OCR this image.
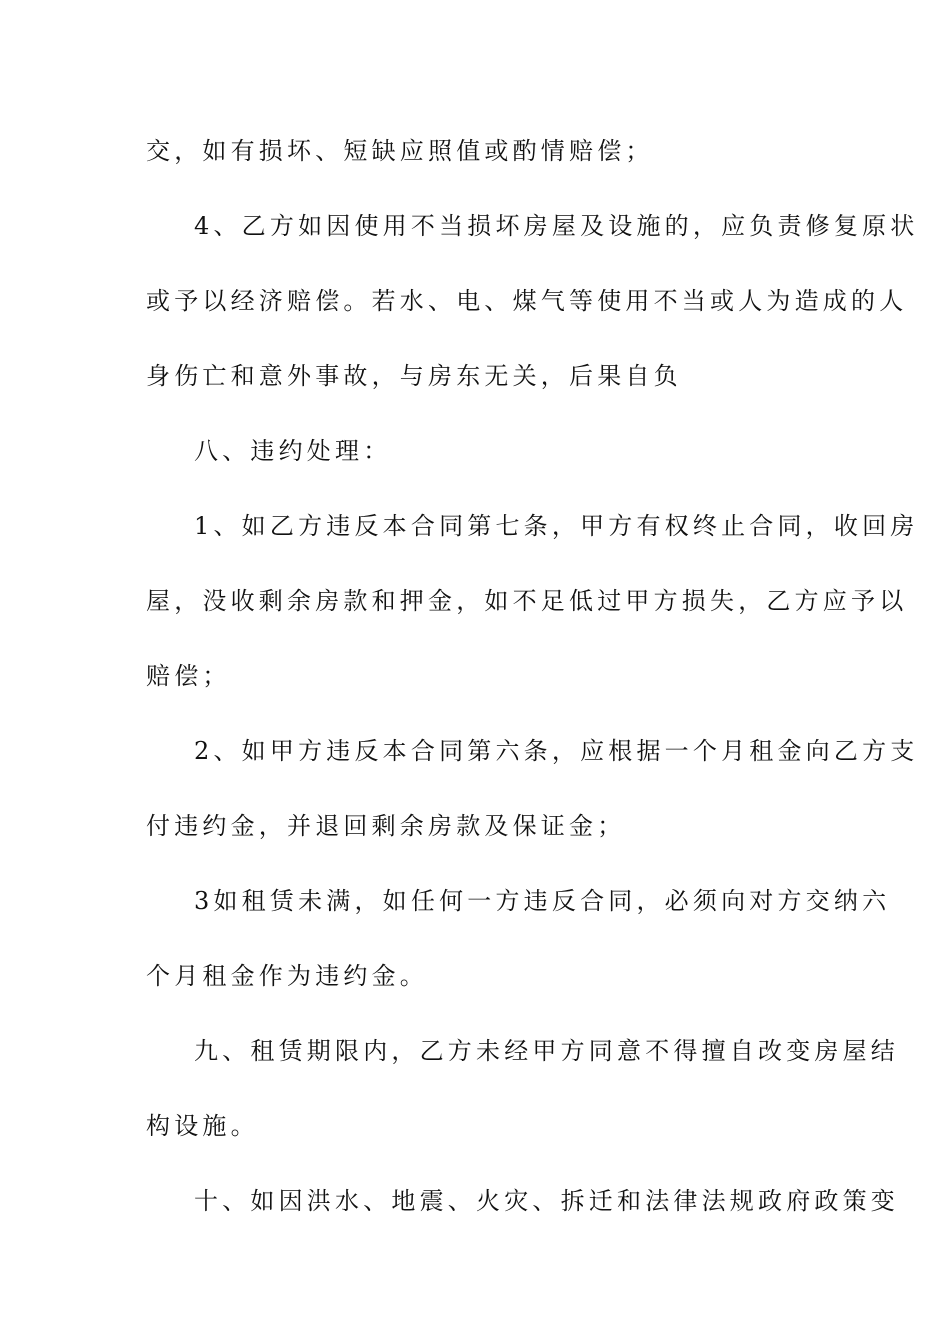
交，如有损坏、短缺应照值或酌情赔偿；

4、乙方如因使用不当损坏房屋及设施的，应负责修复原状

或予以经济赔偿。若水、电、煤气等使用不当或人为造成的人

身伤亡和意外事故，与房东无关，后果自负

八、违约处理：

1、如乙方违反本合同第七条，甲方有权终止合同，收回房

屋，没收剩余房款和押金，如不足低过甲方损失，乙方应予以

赔偿；

2、如甲方违反本合同第六条，应根据一个月租金向乙方支

付违约金，并退回剩余房款及保证金；

3如租赁未满，如任何一方违反合同，必须向对方交纳六

个月租金作为违约金。

九、租赁期限内，乙方未经甲方同意不得擅自改变房屋结

构设施。

十、如因洪水、地震、火灾、拆迁和法律法规政府政策变
